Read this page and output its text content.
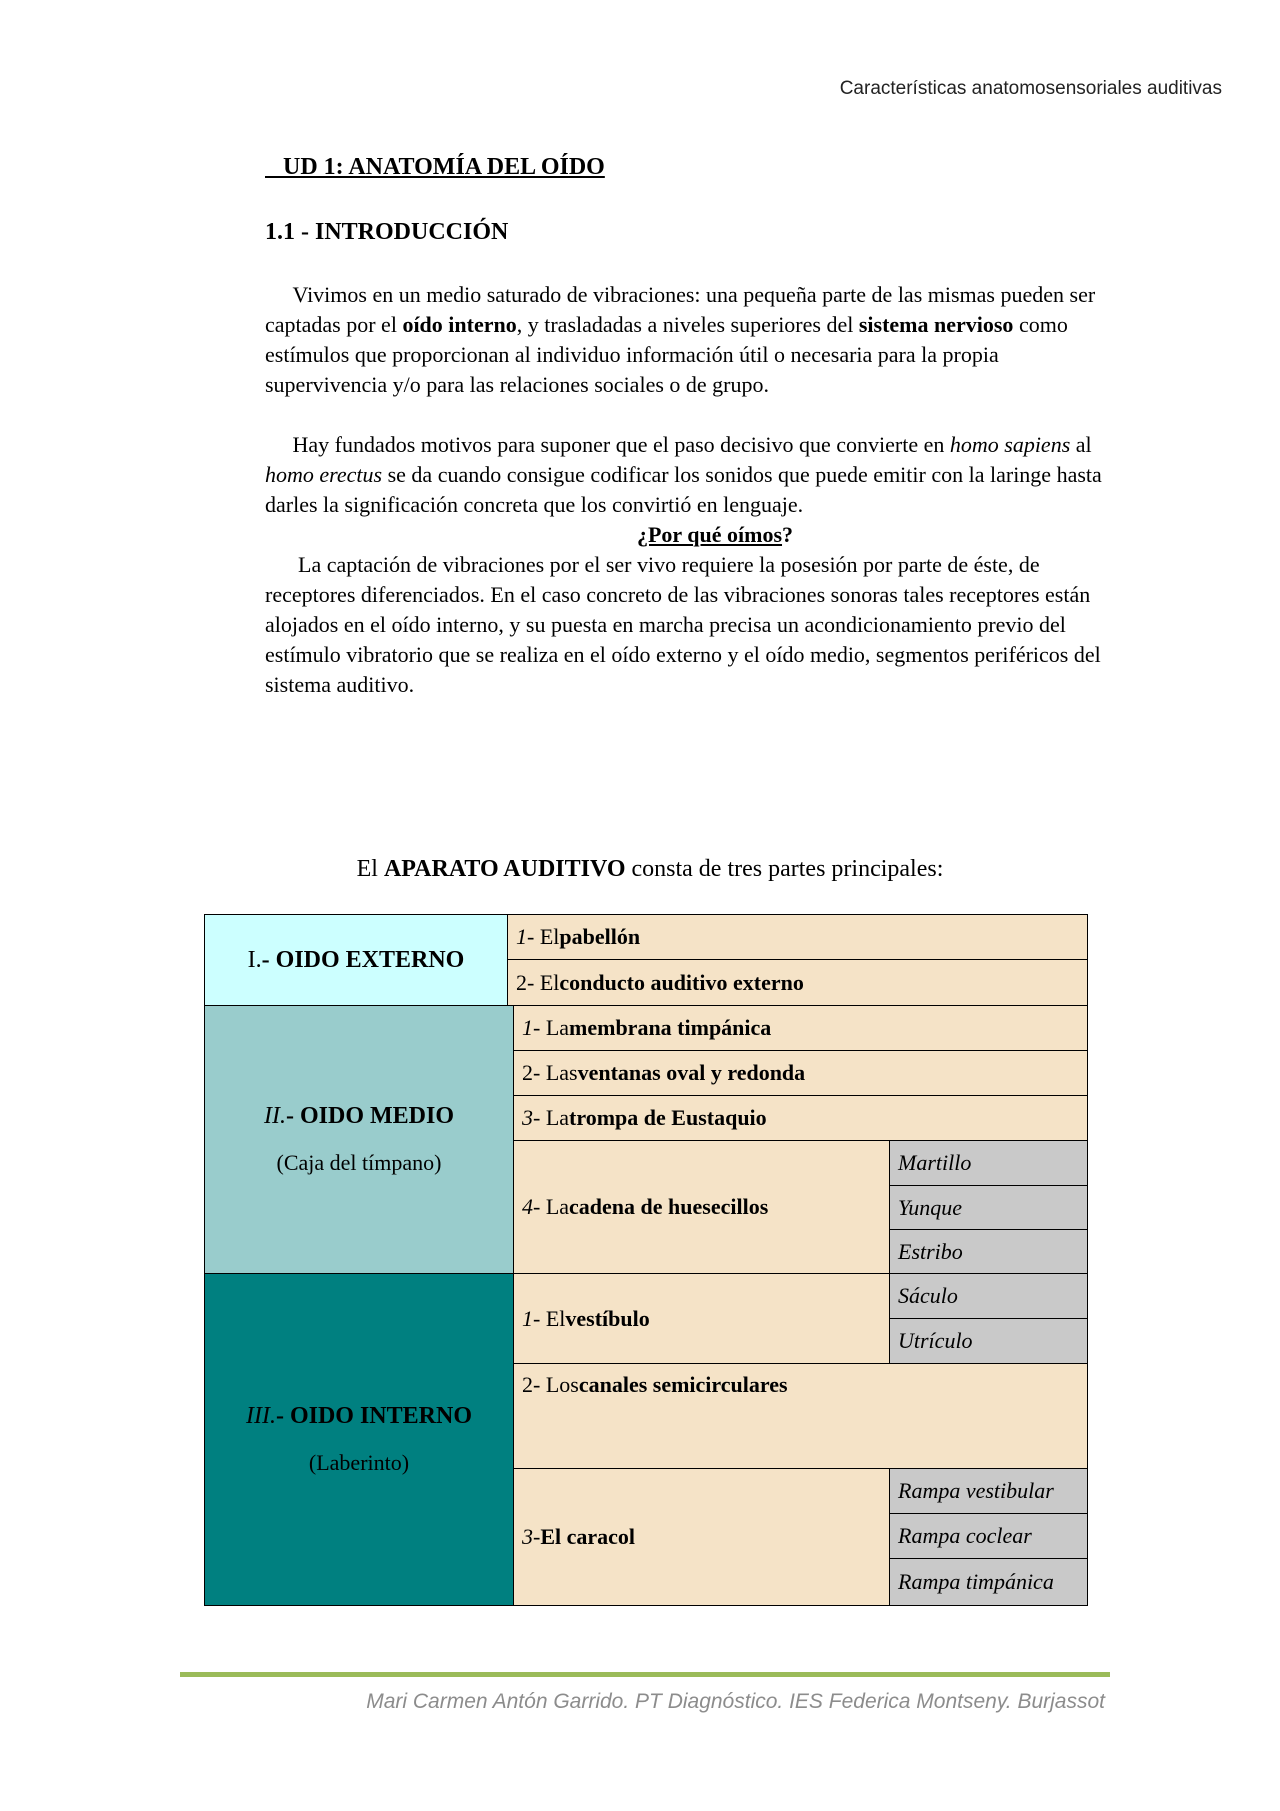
Características anatomosensoriales auditivas

UD 1: ANATOMÍA DEL OÍDO

1.1 - INTRODUCCIÓN

Vivimos en un medio saturado de vibraciones: una pequeña parte de las mismas pueden ser captadas por el oído interno, y trasladadas a niveles superiores del sistema nervioso como estímulos que proporcionan al individuo información útil o necesaria para la propia supervivencia y/o para las relaciones sociales o de grupo.

Hay fundados motivos para suponer que el paso decisivo que convierte en homo sapiens al homo erectus se da cuando consigue codificar los sonidos que puede emitir con la laringe hasta darles la significación concreta que los convirtió en lenguaje.

¿Por qué oímos?

La captación de vibraciones por el ser vivo requiere la posesión por parte de éste, de receptores diferenciados. En el caso concreto de las vibraciones sonoras tales receptores están alojados en el oído interno, y su puesta en marcha precisa un acondicionamiento previo del estímulo vibratorio que se realiza en el oído externo y el oído medio, segmentos periféricos del sistema auditivo.

El APARATO AUDITIVO consta de tres partes principales:
I.- OIDO EXTERNO
II.- OIDO MEDIO
(Caja del tímpano)
III.- OIDO INTERNO
(Laberinto)
1 - El pabellón
2 - El conducto auditivo externo
1 - La membrana timpánica
2 - Las ventanas oval y redonda
3 - La trompa de Eustaquio
4 - La cadena de huesecillos
1 - El vestíbulo
2 - Los canales semicirculares
3 - El caracol
Martillo
Yunque
Estribo
Sáculo
Utrículo
Rampa vestibular
Rampa coclear
Rampa timpánica
Mari Carmen Antón Garrido. PT Diagnóstico. IES Federica Montseny. Burjassot
